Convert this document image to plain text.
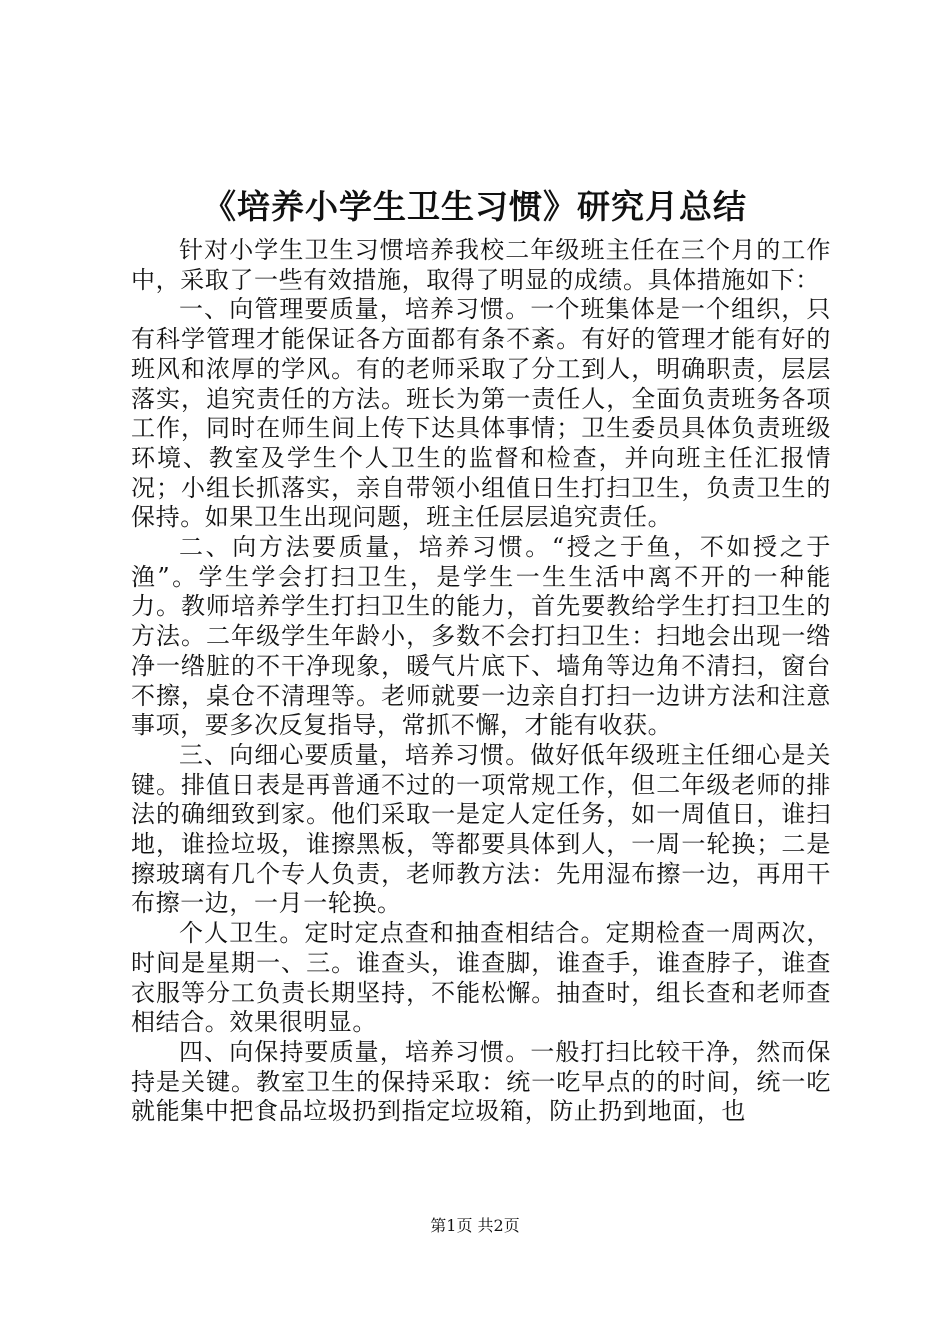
《培养小学生卫生习惯》研究月总结

针对小学生卫生习惯培养我校二年级班主任在三个月的工作中，采取了一些有效措施，取得了明显的成绩。具体措施如下：

一、向管理要质量，培养习惯。一个班集体是一个组织，只有科学管理才能保证各方面都有条不紊。有好的管理才能有好的班风和浓厚的学风。有的老师采取了分工到人，明确职责，层层落实，追究责任的方法。班长为第一责任人，全面负责班务各项工作，同时在师生间上传下达具体事情；卫生委员具体负责班级环境、教室及学生个人卫生的监督和检查，并向班主任汇报情况；小组长抓落实，亲自带领小组值日生打扫卫生，负责卫生的保持。如果卫生出现问题，班主任层层追究责任。

二、向方法要质量，培养习惯。“授之于鱼，不如授之于渔”。学生学会打扫卫生，是学生一生生活中离不开的一种能力。教师培养学生打扫卫生的能力，首先要教给学生打扫卫生的方法。二年级学生年龄小，多数不会打扫卫生：扫地会出现一绺净一绺脏的不干净现象，暖气片底下、墙角等边角不清扫，窗台不擦，桌仓不清理等。老师就要一边亲自打扫一边讲方法和注意事项，要多次反复指导，常抓不懈，才能有收获。

三、向细心要质量，培养习惯。做好低年级班主任细心是关键。排值日表是再普通不过的一项常规工作，但二年级老师的排法的确细致到家。他们采取一是定人定任务，如一周值日，谁扫地，谁捡垃圾，谁擦黑板，等都要具体到人，一周一轮换；二是擦玻璃有几个专人负责，老师教方法：先用湿布擦一边，再用干布擦一边，一月一轮换。

个人卫生。定时定点查和抽查相结合。定期检查一周两次，时间是星期一、三。谁查头，谁查脚，谁查手，谁查脖子，谁查衣服等分工负责长期坚持，不能松懈。抽查时，组长查和老师查相结合。效果很明显。

四、向保持要质量，培养习惯。一般打扫比较干净，然而保持是关键。教室卫生的保持采取：统一吃早点的的时间，统一吃就能集中把食品垃圾扔到指定垃圾箱，防止扔到地面，也

第1页 共2页
